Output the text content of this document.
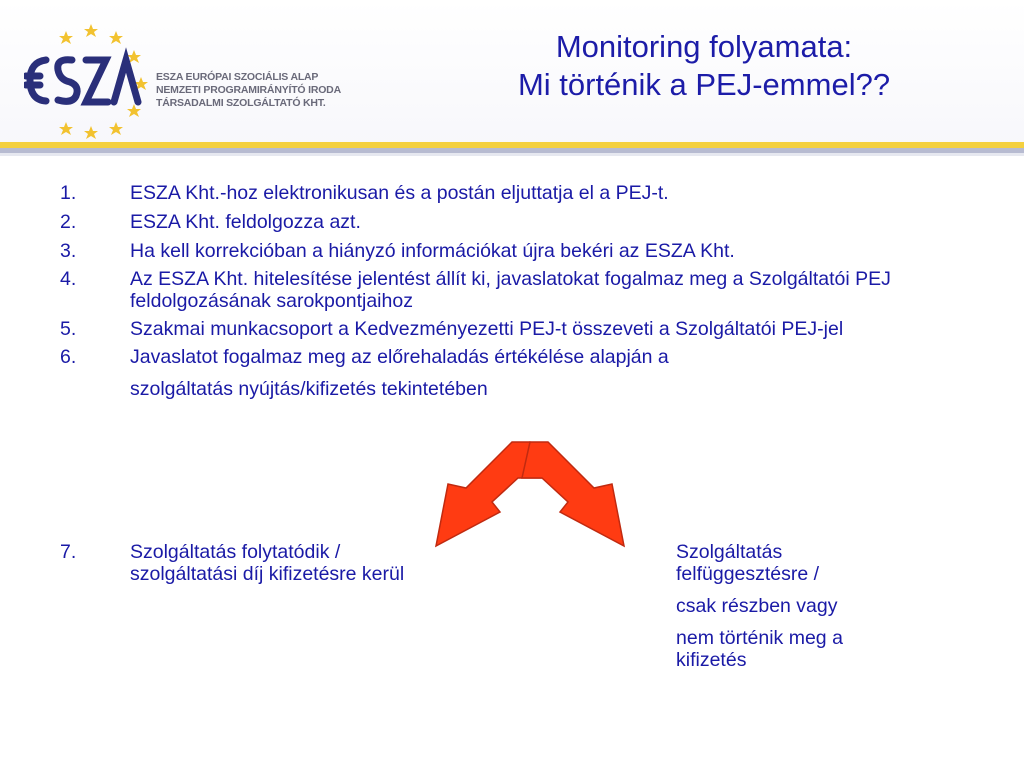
ESZA EURÓPAI SZOCIÁLIS ALAP
NEMZETI PROGRAMIRÁNYÍTÓ IRODA
TÁRSADALMI SZOLGÁLTATÓ KHT.
Monitoring folyamata:
Mi történik a PEJ-emmel??
1.	ESZA Kht.-hoz elektronikusan és a postán eljuttatja el a PEJ-t.
2.	ESZA Kht. feldolgozza azt.
3.	Ha kell korrekcióban a hiányzó információkat újra bekéri az ESZA Kht.
4.	Az ESZA Kht. hitelesítése jelentést állít ki, javaslatokat fogalmaz meg a Szolgáltatói PEJ feldolgozásának sarokpontjaihoz
5.	Szakmai munkacsoport a Kedvezményezetti PEJ-t összeveti a Szolgáltatói PEJ-jel
6.	Javaslatot fogalmaz meg az előrehaladás értékélése alapján a
szolgáltatás nyújtás/kifizetés tekintetében
7.	Szolgáltatás folytatódik /
szolgáltatási díj kifizetésre kerül
Szolgáltatás
felfüggesztésre /
csak részben vagy
nem történik meg a
kifizetés
